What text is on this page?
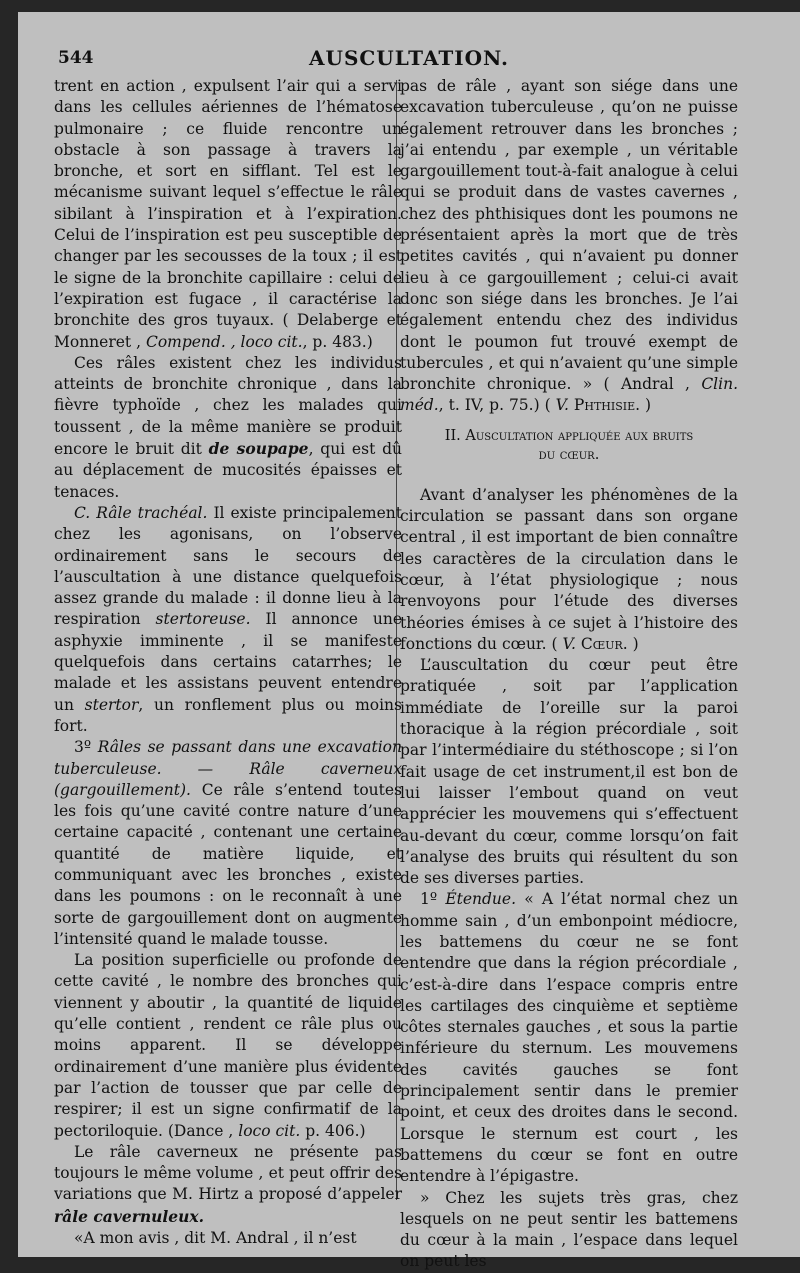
544	AUSCULTATION.

trent en action , expulsent l’air qui a servi dans les cellules aériennes de l’hématose pulmonaire ; ce fluide rencontre un obstacle à son passage à travers la bronche, et sort en sifflant. Tel est le mécanisme suivant lequel s’effectue le râle sibilant à l’inspiration et à l’expiration. Celui de l’inspiration est peu susceptible de changer par les secousses de la toux ; il est le signe de la bronchite capillaire : celui de l’expiration est fugace , il caractérise la bronchite des gros tuyaux. ( Delaberge et Monneret , Compend. , loco cit., p. 483.)

Ces râles existent chez les individus atteints de bronchite chronique , dans la fièvre typhoïde , chez les malades qui toussent , de la même manière se produit encore le bruit dit de soupape, qui est dû au déplacement de mucosités épaisses et tenaces.

C. Râle trachéal. Il existe principalement chez les agonisans, on l’observe ordinairement sans le secours de l’auscultation à une distance quelquefois assez grande du malade : il donne lieu à la respiration stertoreuse. Il annonce une asphyxie imminente , il se manifeste quelquefois dans certains catarrhes; le malade et les assistans peuvent entendre un stertor, un ronflement plus ou moins fort.

3º Râles se passant dans une excavation tuberculeuse. — Râle caverneux (gargouillement). Ce râle s’entend toutes les fois qu’une cavité contre nature d’une certaine capacité , contenant une certaine quantité de matière liquide, et communiquant avec les bronches , existe dans les poumons : on le reconnaît à une sorte de gargouillement dont on augmente l’intensité quand le malade tousse.

La position superficielle ou profonde de cette cavité , le nombre des bronches qui viennent y aboutir , la quantité de liquide qu’elle contient , rendent ce râle plus ou moins apparent. Il se développe ordinairement d’une manière plus évidente par l’action de tousser que par celle de respirer; il est un signe confirmatif de la pectoriloquie. (Dance , loco cit. p. 406.)

Le râle caverneux ne présente pas toujours le même volume , et peut offrir des variations que M. Hirtz a proposé d’appeler râle cavernuleux.

«A mon avis , dit M. Andral , il n’est

pas de râle , ayant son siége dans une excavation tuberculeuse , qu’on ne puisse également retrouver dans les bronches ; j’ai entendu , par exemple , un véritable gargouillement tout-à-fait analogue à celui qui se produit dans de vastes cavernes , chez des phthisiques dont les poumons ne présentaient après la mort que de très petites cavités , qui n’avaient pu donner lieu à ce gargouillement ; celui-ci avait donc son siége dans les bronches. Je l’ai également entendu chez des individus dont le poumon fut trouvé exempt de tubercules , et qui n’avaient qu’une simple bronchite chronique. » ( Andral , Clin. méd., t. IV, p. 75.) ( V. Phthisie. )

II. Auscultation appliquée aux bruits
du cœur.

Avant d’analyser les phénomènes de la circulation se passant dans son organe central , il est important de bien connaître les caractères de la circulation dans le cœur, à l’état physiologique ; nous renvoyons pour l’étude des diverses théories émises à ce sujet à l’histoire des fonctions du cœur. ( V. Cœur. )

L’auscultation du cœur peut être pratiquée , soit par l’application immédiate de l’oreille sur la paroi thoracique à la région précordiale , soit par l’intermédiaire du stéthoscope ; si l’on fait usage de cet instrument,il est bon de lui laisser l’embout quand on veut apprécier les mouvemens qui s’effectuent au-devant du cœur, comme lorsqu’on fait l’analyse des bruits qui résultent du son de ses diverses parties.

1º Étendue. « A l’état normal chez un homme sain , d’un embonpoint médiocre, les battemens du cœur ne se font entendre que dans la région précordiale , c’est-à-dire dans l’espace compris entre les cartilages des cinquième et septième côtes sternales gauches , et sous la partie inférieure du sternum. Les mouvemens des cavités gauches se font principalement sentir dans le premier point, et ceux des droites dans le second. Lorsque le sternum est court , les battemens du cœur se font en outre entendre à l’épigastre.

» Chez les sujets très gras, chez lesquels on ne peut sentir les battemens du cœur à la main , l’espace dans lequel on peut les
